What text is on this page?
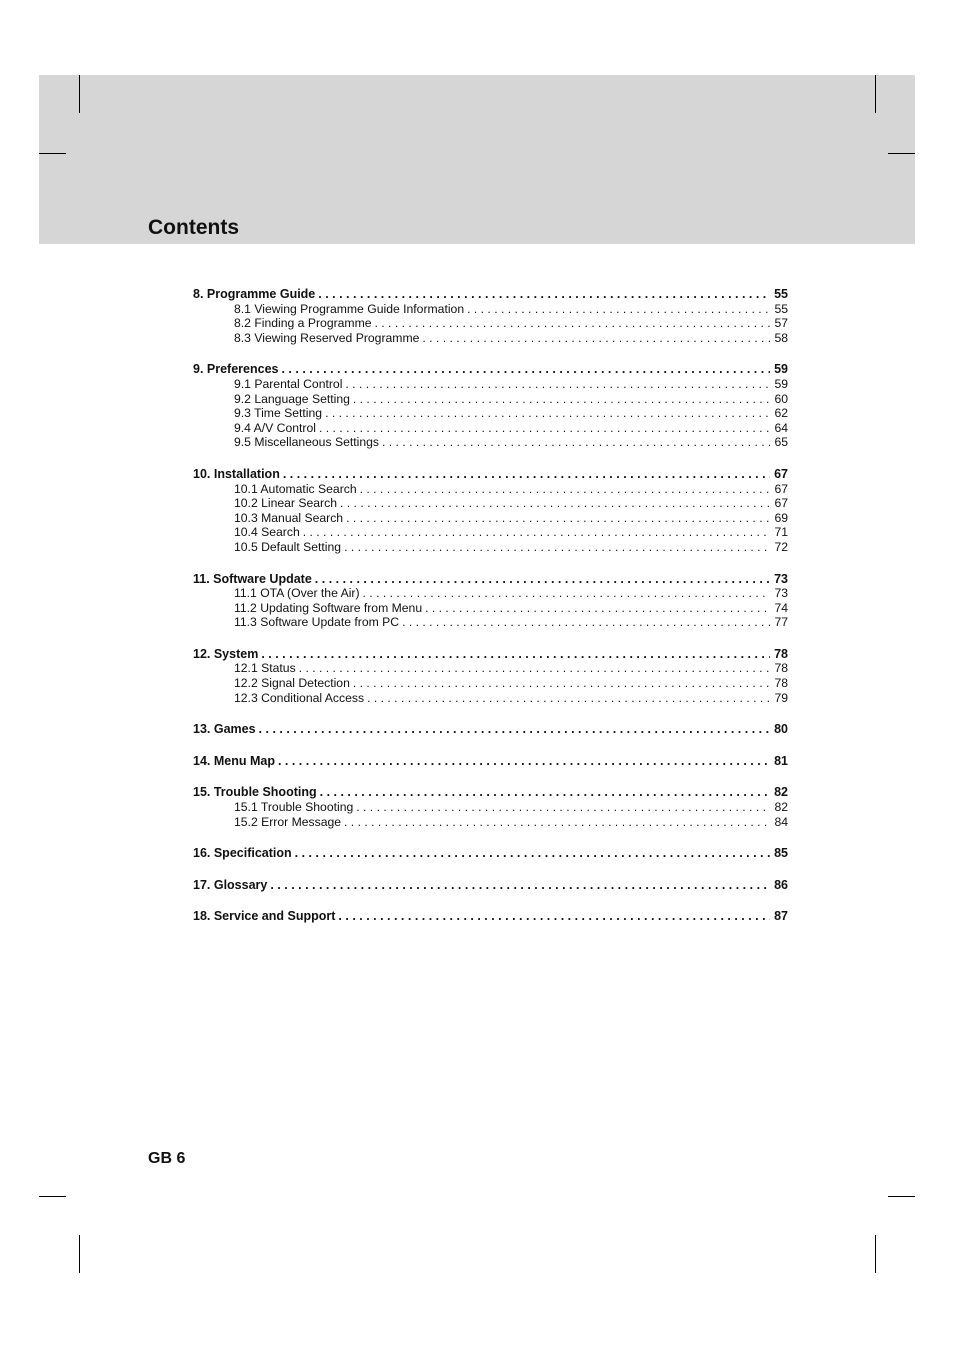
Contents
8. Programme Guide . . .	55
8.1 Viewing Programme Guide Information . . .	55
8.2 Finding a Programme . . .	57
8.3 Viewing Reserved Programme . . .	58
9. Preferences . . .	59
9.1 Parental Control . . .	59
9.2 Language Setting . . .	60
9.3 Time Setting . . .	62
9.4 A/V Control . . .	64
9.5 Miscellaneous Settings . . .	65
10. Installation . . .	67
10.1 Automatic Search . . .	67
10.2 Linear Search . . .	67
10.3 Manual Search . . .	69
10.4 Search . . .	71
10.5 Default Setting . . .	72
11. Software Update . . .	73
11.1 OTA (Over the Air) . . .	73
11.2 Updating Software from Menu . . .	74
11.3 Software Update from PC . . .	77
12. System . . .	78
12.1 Status . . .	78
12.2 Signal Detection . . .	78
12.3 Conditional Access . . .	79
13. Games . . .	80
14. Menu Map . . .	81
15. Trouble Shooting . . .	82
15.1 Trouble Shooting . . .	82
15.2 Error Message . . .	84
16. Specification . . .	85
17. Glossary . . .	86
18. Service and Support . . .	87
GB 6
